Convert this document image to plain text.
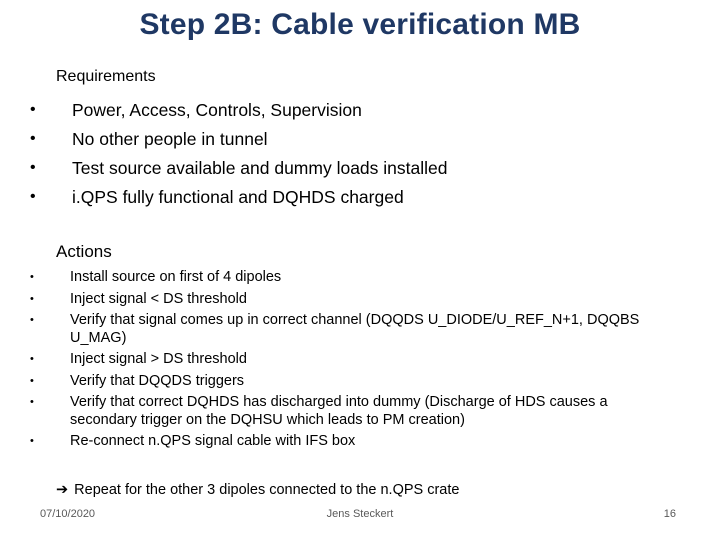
Step 2B: Cable verification MB
Requirements
• Power, Access, Controls, Supervision
• No other people in tunnel
• Test source available and dummy loads installed
• i.QPS fully functional and DQHDS charged
Actions
• Install source on first of 4 dipoles
• Inject signal < DS threshold
• Verify that signal comes up in correct channel (DQQDS U_DIODE/U_REF_N+1, DQQBS U_MAG)
• Inject signal > DS threshold
• Verify that DQQDS triggers
• Verify that correct DQHDS has discharged into dummy (Discharge of HDS causes a secondary trigger on the DQHSU which leads to PM creation)
• Re-connect n.QPS signal cable with IFS box
➔ Repeat for the other 3 dipoles connected to the n.QPS crate
07/10/2020	Jens Steckert	16
